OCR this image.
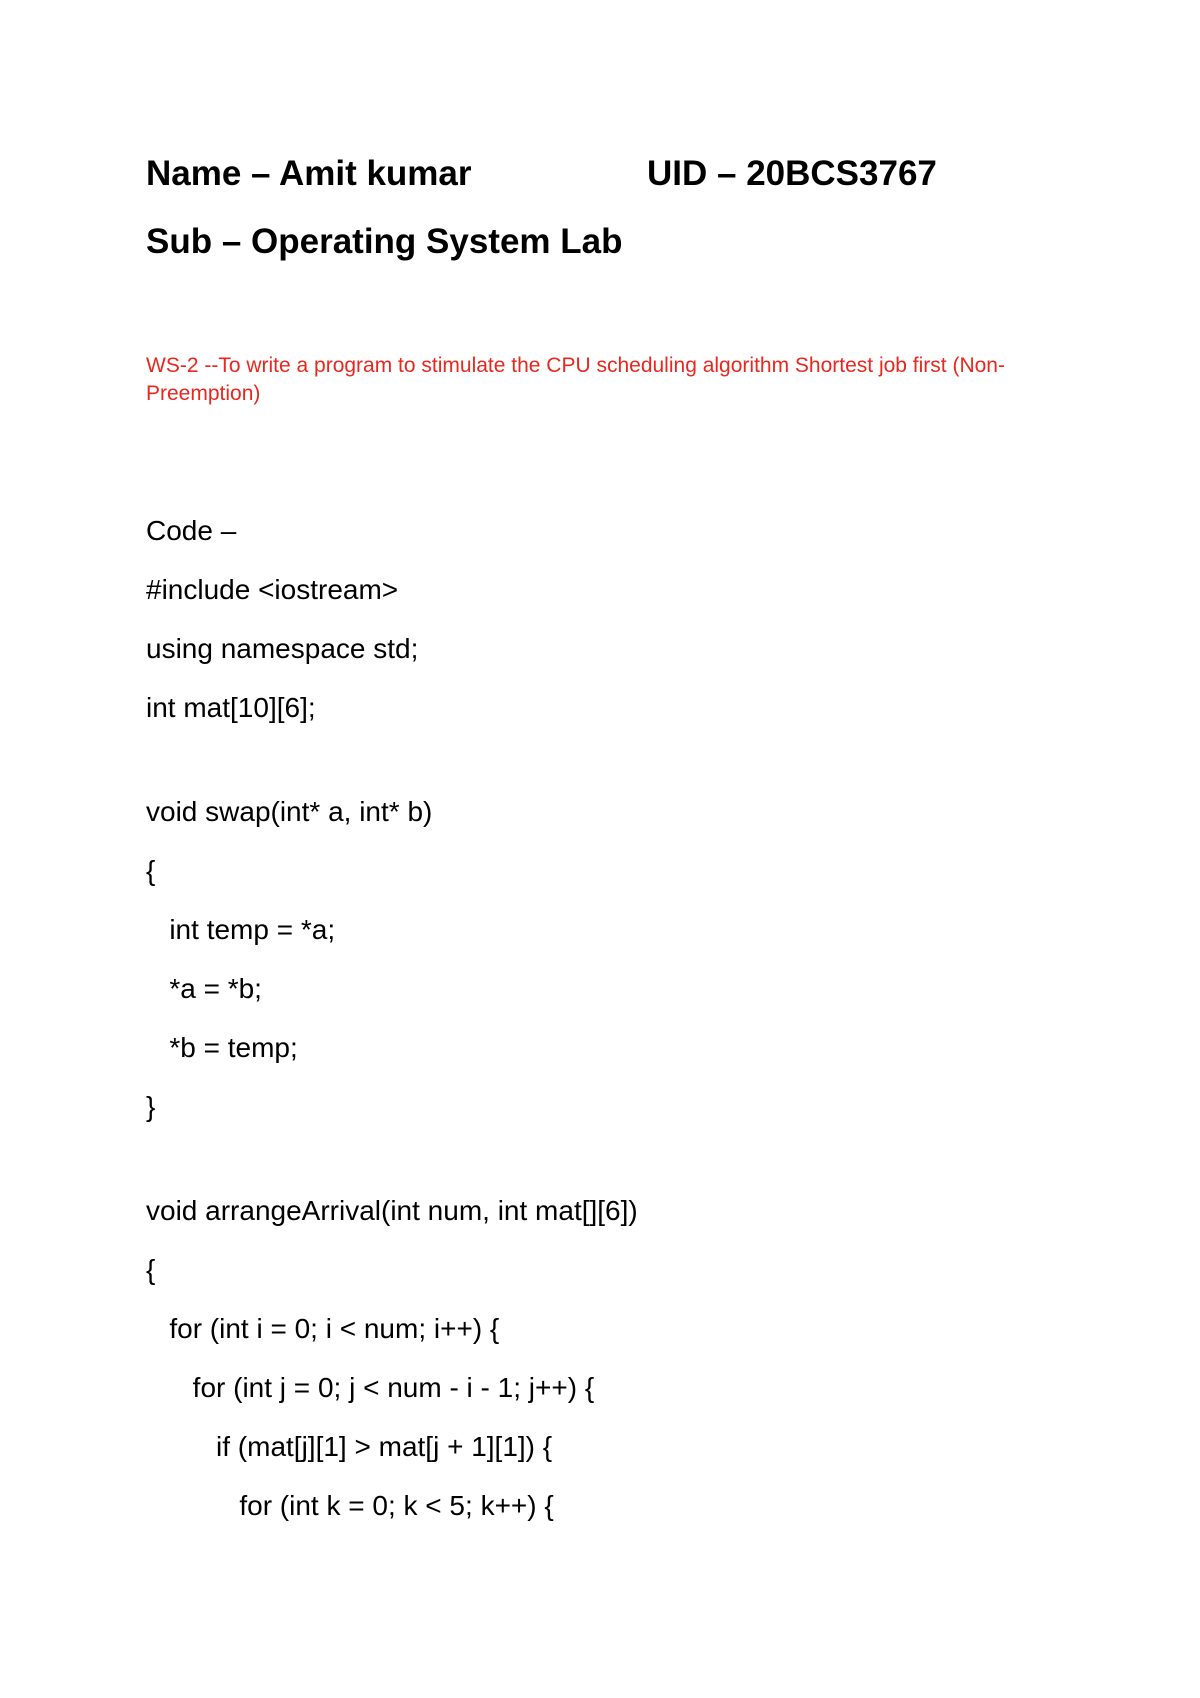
Name – Amit kumar	UID – 20BCS3767
Sub – Operating System Lab
WS-2 --To write a program to stimulate the CPU scheduling algorithm Shortest job first (Non- Preemption)
Code –
#include <iostream>
using namespace std;
int mat[10][6];
void swap(int* a, int* b)
{
int temp = *a;
*a = *b;
*b = temp;
}
void arrangeArrival(int num, int mat[][6])
{
for (int i = 0; i < num; i++) {
for (int j = 0; j < num - i - 1; j++) {
if (mat[j][1] > mat[j + 1][1]) {
for (int k = 0; k < 5; k++) {
